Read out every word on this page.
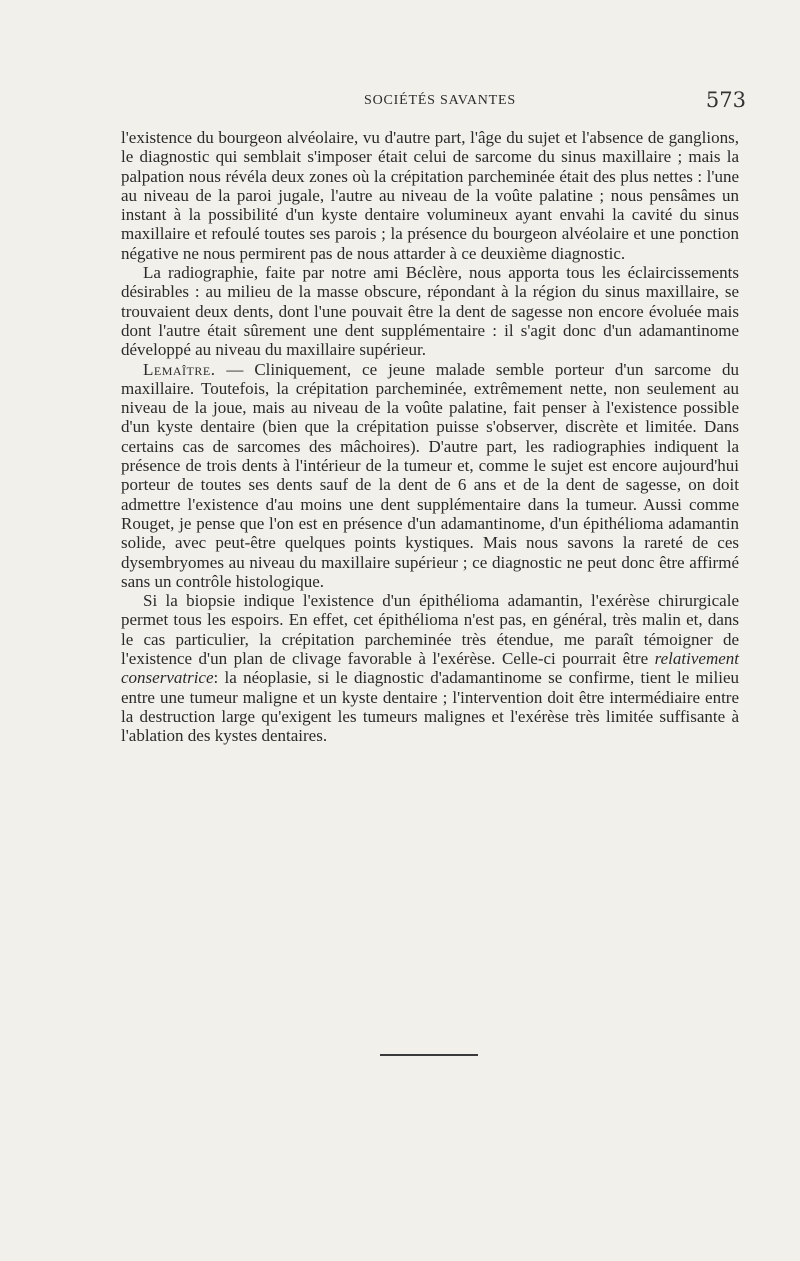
SOCIÉTÉS SAVANTES	573

l'existence du bourgeon alvéolaire, vu d'autre part, l'âge du sujet et l'absence de ganglions, le diagnostic qui semblait s'imposer était celui de sarcome du sinus maxillaire ; mais la palpation nous révéla deux zones où la crépitation parcheminée était des plus nettes : l'une au niveau de la paroi jugale, l'autre au niveau de la voûte palatine ; nous pensâmes un instant à la possibilité d'un kyste dentaire volumineux ayant envahi la cavité du sinus maxillaire et refoulé toutes ses parois ; la présence du bourgeon alvéolaire et une ponction négative ne nous permirent pas de nous attarder à ce deuxième diagnostic.

La radiographie, faite par notre ami Béclère, nous apporta tous les éclaircissements désirables : au milieu de la masse obscure, répondant à la région du sinus maxillaire, se trouvaient deux dents, dont l'une pouvait être la dent de sagesse non encore évoluée mais dont l'autre était sûrement une dent supplémentaire : il s'agit donc d'un adamantinome développé au niveau du maxillaire supérieur.

Lemaître. — Cliniquement, ce jeune malade semble porteur d'un sarcome du maxillaire. Toutefois, la crépitation parcheminée, extrêmement nette, non seulement au niveau de la joue, mais au niveau de la voûte palatine, fait penser à l'existence possible d'un kyste dentaire (bien que la crépitation puisse s'observer, discrète et limitée. Dans certains cas de sarcomes des mâchoires). D'autre part, les radiographies indiquent la présence de trois dents à l'intérieur de la tumeur et, comme le sujet est encore aujourd'hui porteur de toutes ses dents sauf de la dent de 6 ans et de la dent de sagesse, on doit admettre l'existence d'au moins une dent supplémentaire dans la tumeur. Aussi comme Rouget, je pense que l'on est en présence d'un adamantinome, d'un épithélioma adamantin solide, avec peut-être quelques points kystiques. Mais nous savons la rareté de ces dysembryomes au niveau du maxillaire supérieur ; ce diagnostic ne peut donc être affirmé sans un contrôle histologique.

Si la biopsie indique l'existence d'un épithélioma adamantin, l'exérèse chirurgicale permet tous les espoirs. En effet, cet épithélioma n'est pas, en général, très malin et, dans le cas particulier, la crépitation parcheminée très étendue, me paraît témoigner de l'existence d'un plan de clivage favorable à l'exérèse. Celle-ci pourrait être relativement conservatrice: la néoplasie, si le diagnostic d'adamantinome se confirme, tient le milieu entre une tumeur maligne et un kyste dentaire ; l'intervention doit être intermédiaire entre la destruction large qu'exigent les tumeurs malignes et l'exérèse très limitée suffisante à l'ablation des kystes dentaires.
